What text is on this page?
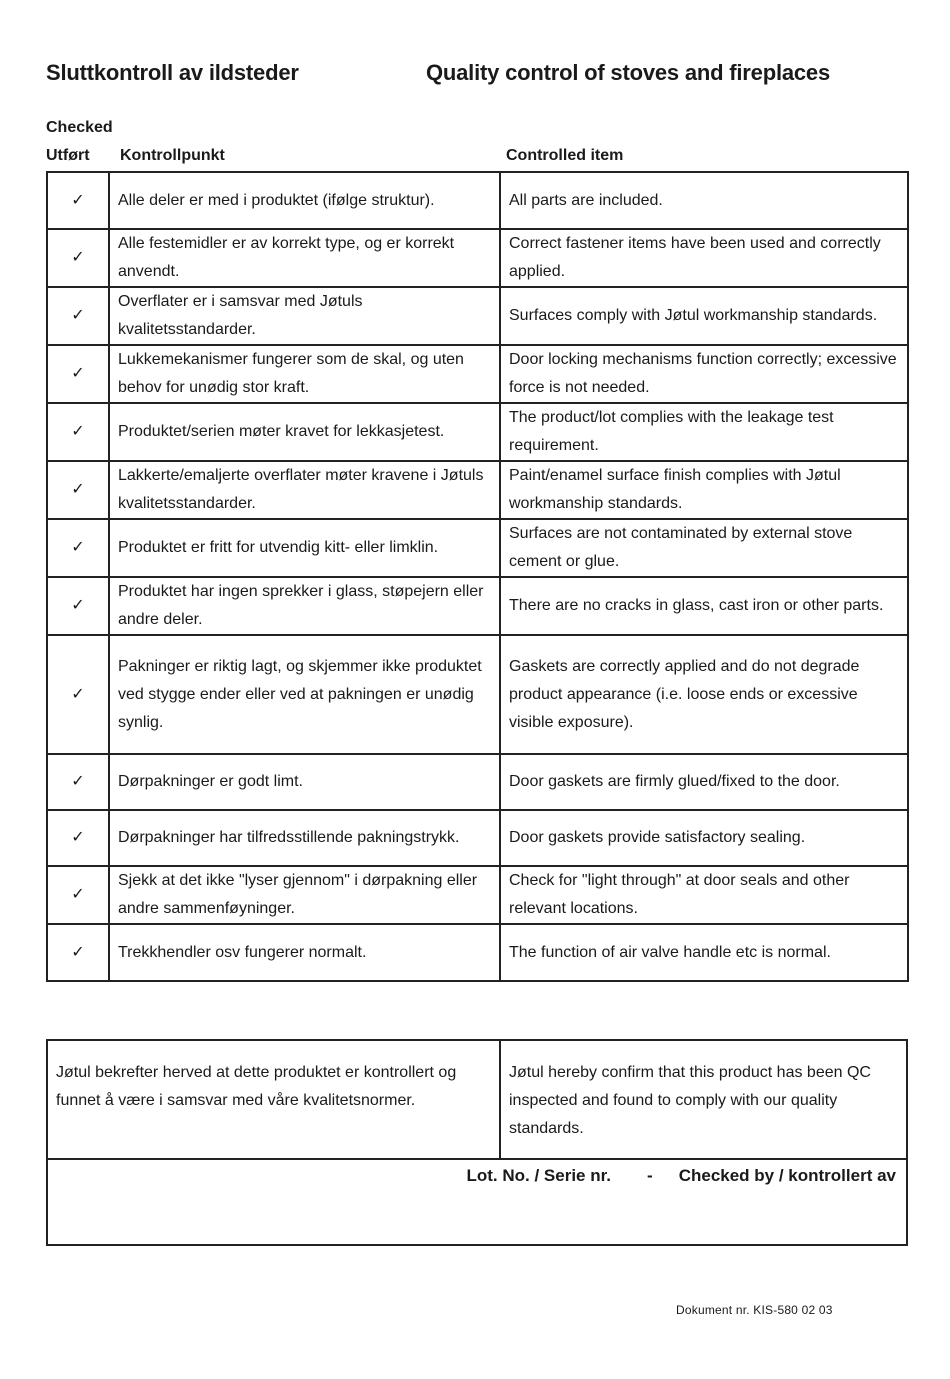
Sluttkontroll av ildsteder	Quality control of stoves and fireplaces
Checked
Utført Kontrollpunkt	Controlled item
✓	Alle deler er med i produktet (ifølge struktur).	All parts are included.
✓	Alle festemidler er av korrekt type, og er korrekt anvendt.	Correct fastener items have been used and correctly applied.
✓	Overflater er i samsvar med Jøtuls kvalitetsstandarder.	Surfaces comply with Jøtul workmanship standards.
✓	Lukkemekanismer fungerer som de skal, og uten behov for unødig stor kraft.	Door locking mechanisms function correctly; excessive force is not needed.
✓	Produktet/serien møter kravet for lekkasjetest.	The product/lot complies with the leakage test requirement.
✓	Lakkerte/emaljerte overflater møter kravene i Jøtuls kvalitetsstandarder.	Paint/enamel surface finish complies with Jøtul workmanship standards.
✓	Produktet er fritt for utvendig kitt- eller limklin.	Surfaces are not contaminated by external stove cement or glue.
✓	Produktet har ingen sprekker i glass, støpejern eller andre deler.	There are no cracks in glass, cast iron or other parts.
✓	Pakninger er riktig lagt, og skjemmer ikke produktet ved stygge ender eller ved at pakningen er unødig synlig.	Gaskets are correctly applied and do not degrade product appearance (i.e. loose ends or excessive visible exposure).
✓	Dørpakninger er godt limt.	Door gaskets are firmly glued/fixed to the door.
✓	Dørpakninger har tilfredsstillende pakningstrykk.	Door gaskets provide satisfactory sealing.
✓	Sjekk at det ikke "lyser gjennom" i dørpakning eller andre sammenføyninger.	Check for "light through" at door seals and other relevant locations.
✓	Trekkhendler osv fungerer normalt.	The function of air valve handle etc is normal.
Jøtul bekrefter herved at dette produktet er kontrollert og funnet å være i samsvar med våre kvalitetsnormer.	Jøtul hereby confirm that this product has been QC inspected and found to comply with our quality standards.
Lot. No. / Serie nr. - Checked by / kontrollert av
Dokument nr. KIS-580 02 03
